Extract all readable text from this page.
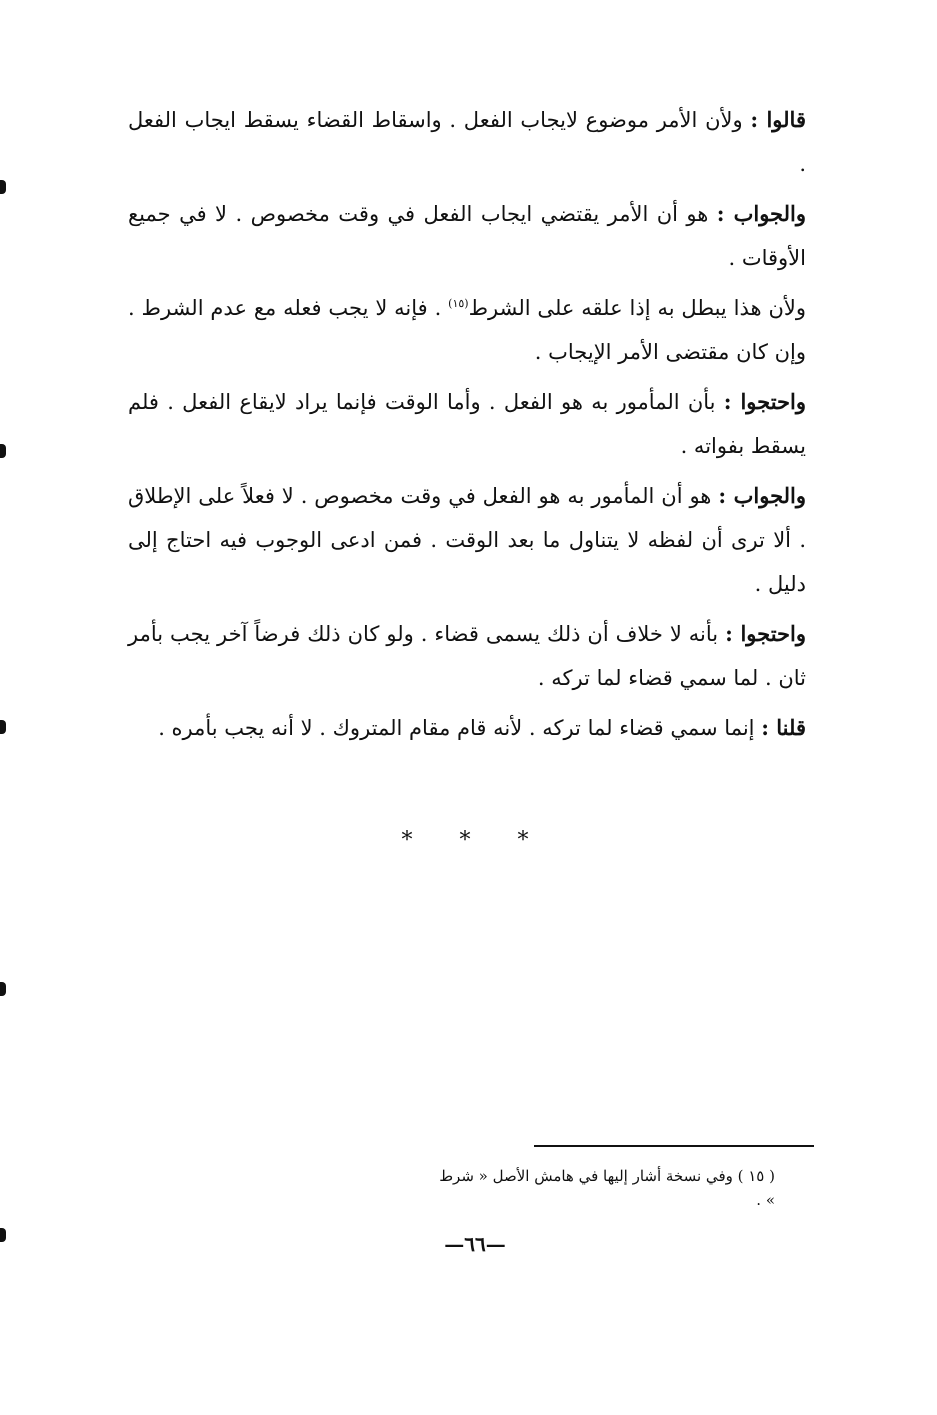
قالوا : ولأن الأمر موضوع لايجاب الفعل . واسقاط القضاء يسقط ايجاب الفعل .

والجواب : هو أن الأمر يقتضي ايجاب الفعل في وقت مخصوص . لا في جميع الأوقات .

ولأن هذا يبطل به إذا علقه على الشرط$^{(١٥)}$ . فإنه لا يجب فعله مع عدم الشرط . وإن كان مقتضى الأمر الإيجاب .

واحتجوا : بأن المأمور به هو الفعل . وأما الوقت فإنما يراد لايقاع الفعل . فلم يسقط بفواته .

والجواب : هو أن المأمور به هو الفعل في وقت مخصوص . لا فعلاً على الإطلاق . ألا ترى أن لفظه لا يتناول ما بعد الوقت . فمن ادعى الوجوب فيه احتاج إلى دليل .

واحتجوا : بأنه لا خلاف أن ذلك يسمى قضاء . ولو كان ذلك فرضاً آخر يجب بأمر ثان . لما سمي قضاء لما تركه .

قلنا : إنما سمي قضاء لما تركه . لأنه قام مقام المتروك . لا أنه يجب بأمره .

* * *
( ١٥ ) وفي نسخة أشار إليها في هامش الأصل « شرط » .
—٦٦—
